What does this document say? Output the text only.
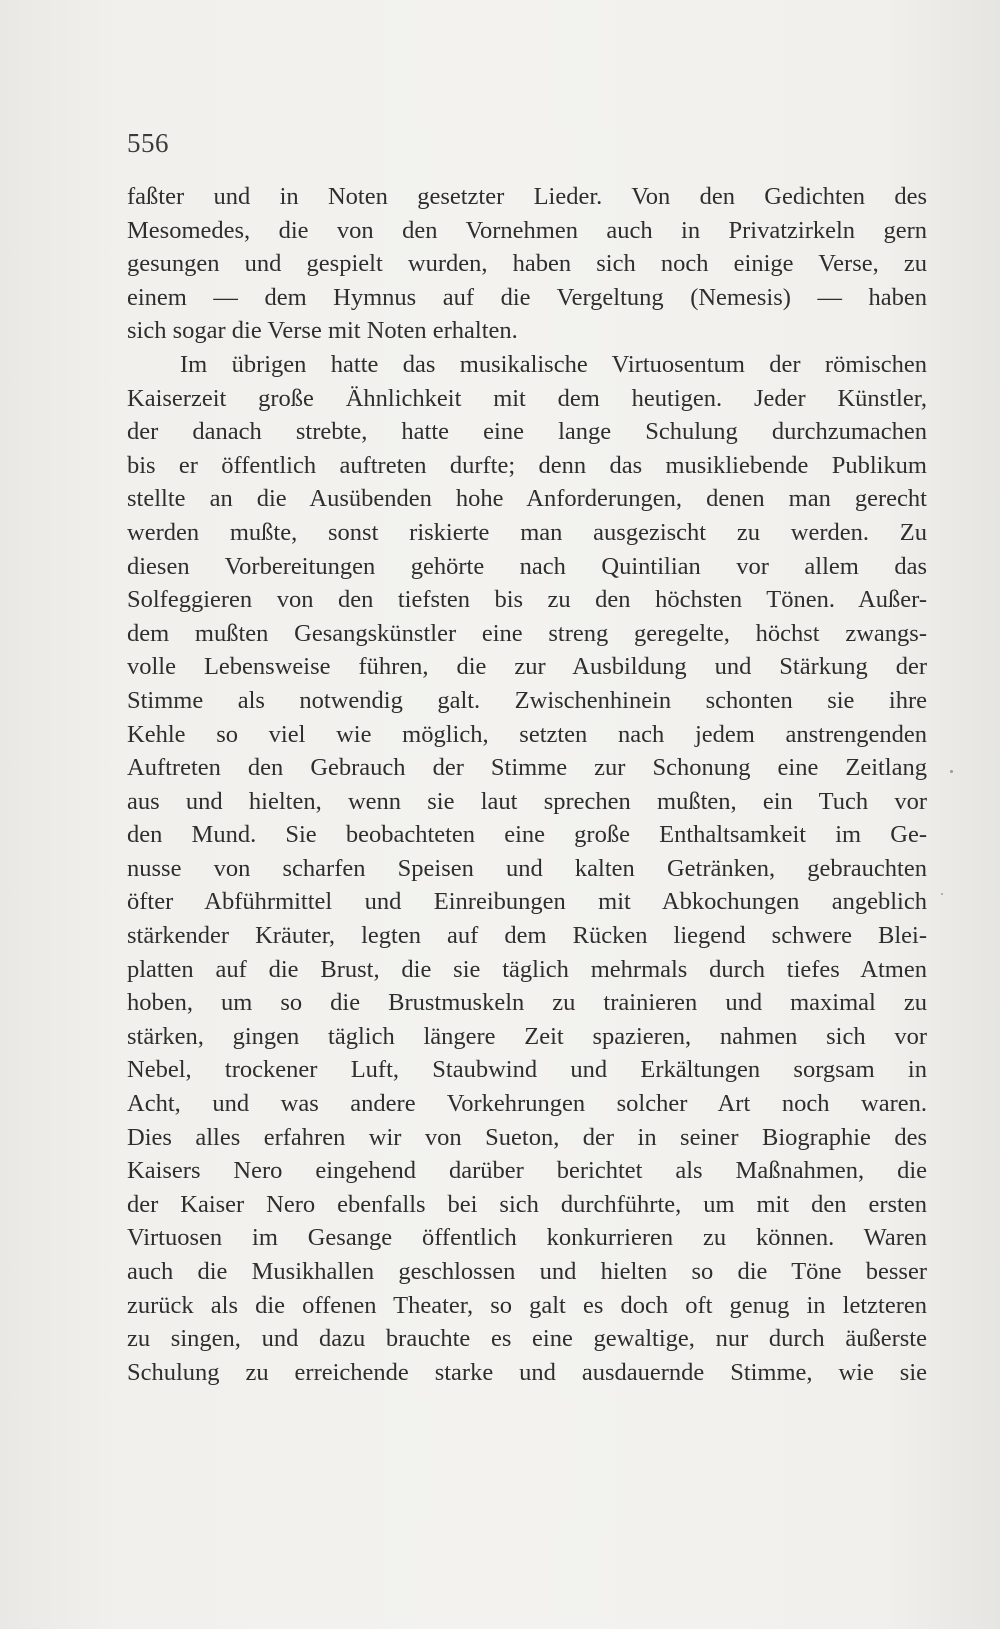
556
faßter und in Noten gesetzter Lieder. Von den Gedichten des
Mesomedes, die von den Vornehmen auch in Privatzirkeln gern
gesungen und gespielt wurden, haben sich noch einige Verse, zu
einem — dem Hymnus auf die Vergeltung (Nemesis) — haben
sich sogar die Verse mit Noten erhalten.
Im übrigen hatte das musikalische Virtuosentum der römischen
Kaiserzeit große Ähnlichkeit mit dem heutigen. Jeder Künstler,
der danach strebte, hatte eine lange Schulung durchzumachen
bis er öffentlich auftreten durfte; denn das musikliebende Publikum
stellte an die Ausübenden hohe Anforderungen, denen man gerecht
werden mußte, sonst riskierte man ausgezischt zu werden. Zu
diesen Vorbereitungen gehörte nach Quintilian vor allem das
Solfeggieren von den tiefsten bis zu den höchsten Tönen. Außer-
dem mußten Gesangskünstler eine streng geregelte, höchst zwangs-
volle Lebensweise führen, die zur Ausbildung und Stärkung der
Stimme als notwendig galt. Zwischenhinein schonten sie ihre
Kehle so viel wie möglich, setzten nach jedem anstrengenden
Auftreten den Gebrauch der Stimme zur Schonung eine Zeitlang
aus und hielten, wenn sie laut sprechen mußten, ein Tuch vor
den Mund. Sie beobachteten eine große Enthaltsamkeit im Ge-
nusse von scharfen Speisen und kalten Getränken, gebrauchten
öfter Abführmittel und Einreibungen mit Abkochungen angeblich
stärkender Kräuter, legten auf dem Rücken liegend schwere Blei-
platten auf die Brust, die sie täglich mehrmals durch tiefes Atmen
hoben, um so die Brustmuskeln zu trainieren und maximal zu
stärken, gingen täglich längere Zeit spazieren, nahmen sich vor
Nebel, trockener Luft, Staubwind und Erkältungen sorgsam in
Acht, und was andere Vorkehrungen solcher Art noch waren.
Dies alles erfahren wir von Sueton, der in seiner Biographie des
Kaisers Nero eingehend darüber berichtet als Maßnahmen, die
der Kaiser Nero ebenfalls bei sich durchführte, um mit den ersten
Virtuosen im Gesange öffentlich konkurrieren zu können. Waren
auch die Musikhallen geschlossen und hielten so die Töne besser
zurück als die offenen Theater, so galt es doch oft genug in letzteren
zu singen, und dazu brauchte es eine gewaltige, nur durch äußerste
Schulung zu erreichende starke und ausdauernde Stimme, wie sie
